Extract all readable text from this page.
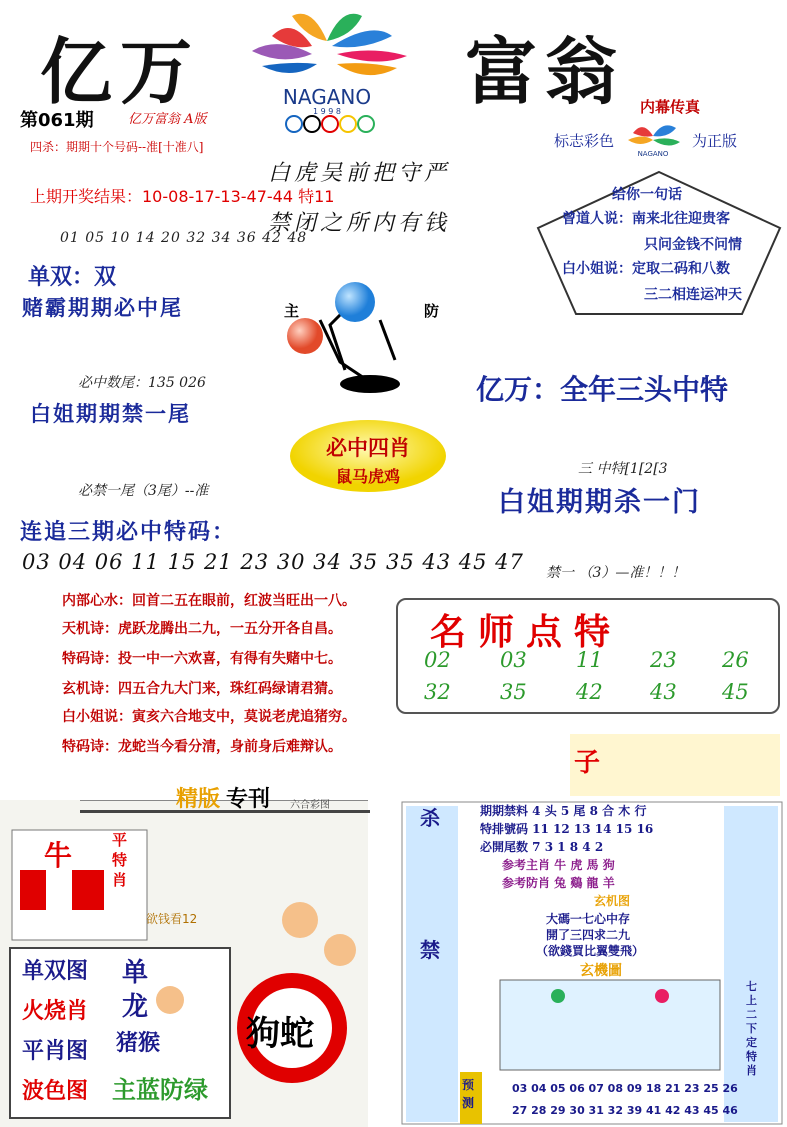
亿万	富翁
NAGANO
1 9 9 8
第061期	亿万富翁 A版
四杀：期期十个号码--准[十准八]
上期开奖结果：10-08-17-13-47-44 特11
白虎吴前把守严
禁闭之所内有钱
01 05 10 14 20 32 34 36 42 48
单双：双
赌霸期期必中尾
必中数尾：135 026
白姐期期禁一尾
必禁一尾（3尾）--准
连追三期必中特码：
03 04 06 11 15 21 23 30 34 35 35 43 45 47
内部心水：回首二五在眼前，红波当旺出一八。
天机诗：虎跃龙腾出二九，一五分开各自昌。
特码诗：投一中一六欢喜，有得有失赌中七。
玄机诗：四五合九大门来，珠红码绿请君猜。
白小姐说：寅亥六合地支中，莫说老虎追猪穷。
特码诗：龙蛇当今看分清，身前身后难辩认。
内幕传真
标志彩色	为正版
NAGANO
给你一句话
曾道人说：南来北往迎贵客
只问金钱不问情
白小姐说：定取二码和八数
三二相连运冲天
主	防
亿万：全年三头中特
必中四肖
鼠马虎鸡	三 中特[1[2[3
白姐期期杀一门
禁一 （3）—准！！！
名师点特
02 03 11 23 26
32 35 42 43 45
牛	平特肖
欲钱看12
单双图
火烧肖
平肖图
波色图
单
龙
猪猴
主蓝防绿
狗蛇
精版 专刊 六合彩图
子
杀
禁
期期禁料 4 头 5 尾 8 合 木 行
特排號码 11 12 13 14 15 16
必開尾数 7 3 1 8 4 2
参考主肖 牛 虎 馬 狗
参考防肖 兔 鷄 龍 羊
玄机图
大碼一七心中存
開了三四求二九
（欲錢買比翼雙飛）
玄機圖
七上二下定特肖
预测
03 04 05 06 07 08 09 18 21 23 25 26
27 28 29 30 31 32 39 41 42 43 45 46
